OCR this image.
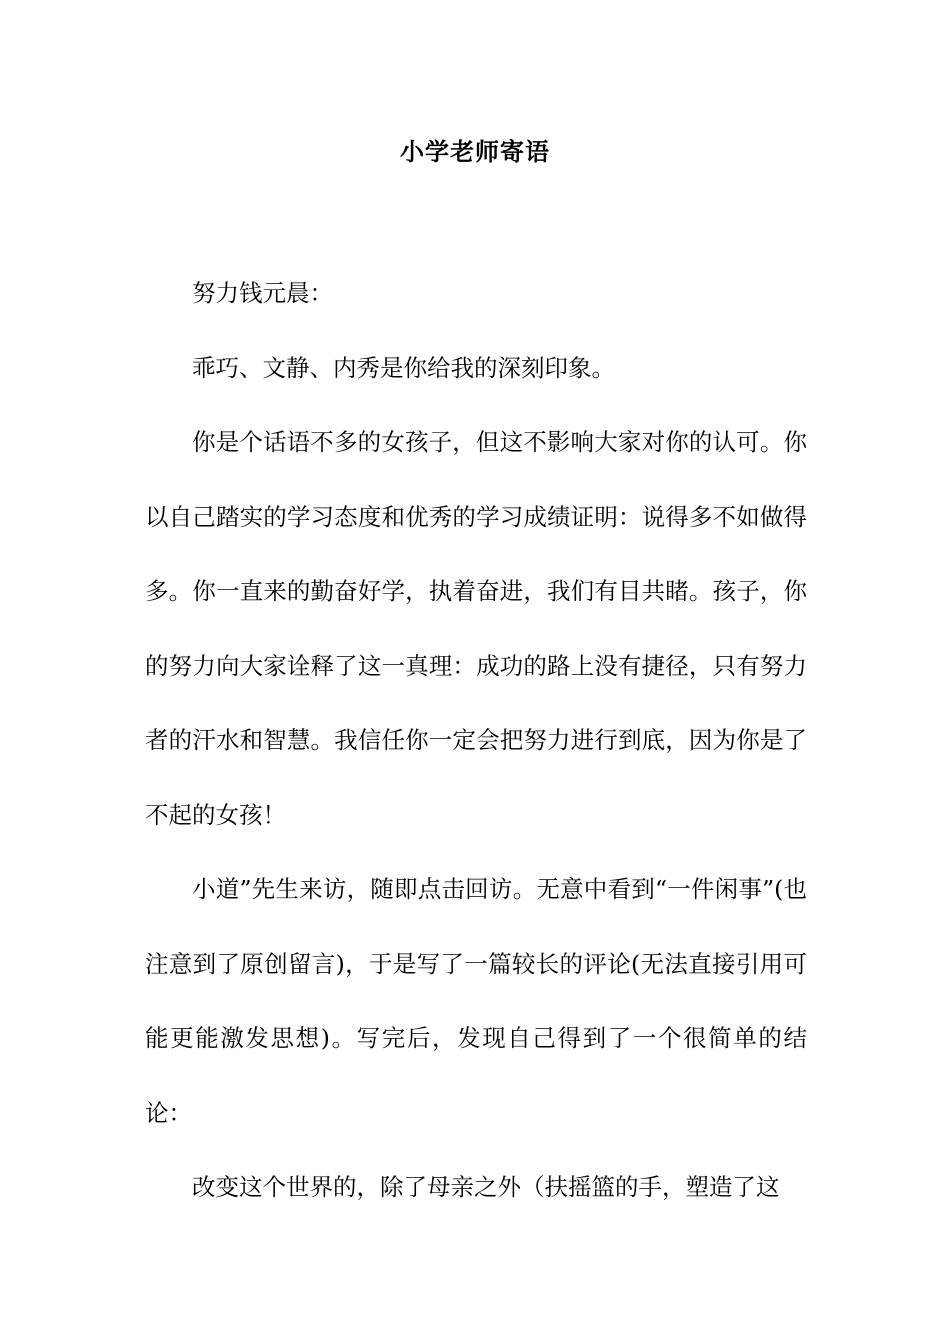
小学老师寄语

努力钱元晨：

乖巧、文静、内秀是你给我的深刻印象。

你是个话语不多的女孩子，但这不影响大家对你的认可。你以自己踏实的学习态度和优秀的学习成绩证明：说得多不如做得多。你一直来的勤奋好学，执着奋进，我们有目共睹。孩子，你的努力向大家诠释了这一真理：成功的路上没有捷径，只有努力者的汗水和智慧。我信任你一定会把努力进行到底，因为你是了不起的女孩！

小道”先生来访，随即点击回访。无意中看到“一件闲事”(也注意到了原创留言)，于是写了一篇较长的评论(无法直接引用可能更能激发思想)。写完后，发现自己得到了一个很简单的结论：

改变这个世界的，除了母亲之外（扶摇篮的手，塑造了这
